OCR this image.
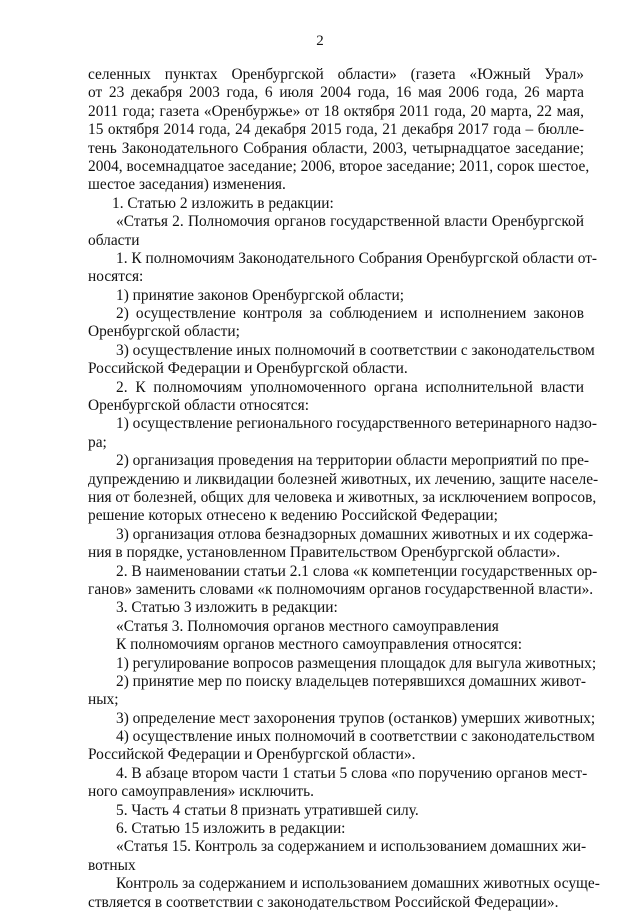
2
селенных пунктах Оренбургской области» (газета «Южный Урал»
от 23 декабря 2003 года, 6 июля 2004 года, 16 мая 2006 года, 26 марта
2011 года; газета «Оренбуржье» от 18 октября 2011 года, 20 марта, 22 мая,
15 октября 2014 года, 24 декабря 2015 года, 21 декабря 2017 года – бюлле-
тень Законодательного Собрания области, 2003, четырнадцатое заседание;
2004, восемнадцатое заседание; 2006, второе заседание; 2011, сорок шестое,
шестое заседания) изменения.
1. Статью 2 изложить в редакции:
«Статья 2. Полномочия органов государственной власти Оренбургской
области
1. К полномочиям Законодательного Собрания Оренбургской области от-
носятся:
1) принятие законов Оренбургской области;
2) осуществление контроля за соблюдением и исполнением законов
Оренбургской области;
3) осуществление иных полномочий в соответствии с законодательством
Российской Федерации и Оренбургской области.
2. К полномочиям уполномоченного органа исполнительной власти
Оренбургской области относятся:
1) осуществление регионального государственного ветеринарного надзо-
ра;
2) организация проведения на территории области мероприятий по пре-
дупреждению и ликвидации болезней животных, их лечению, защите населе-
ния от болезней, общих для человека и животных, за исключением вопросов,
решение которых отнесено к ведению Российской Федерации;
3) организация отлова безнадзорных домашних животных и их содержа-
ния в порядке, установленном Правительством Оренбургской области».
2. В наименовании статьи 2.1 слова «к компетенции государственных ор-
ганов» заменить словами «к полномочиям органов государственной власти».
3. Статью 3 изложить в редакции:
«Статья 3. Полномочия органов местного самоуправления
К полномочиям органов местного самоуправления относятся:
1) регулирование вопросов размещения площадок для выгула животных;
2) принятие мер по поиску владельцев потерявшихся домашних живот-
ных;
3) определение мест захоронения трупов (останков) умерших животных;
4) осуществление иных полномочий в соответствии с законодательством
Российской Федерации и Оренбургской области».
4. В абзаце втором части 1 статьи 5 слова «по поручению органов мест-
ного самоуправления» исключить.
5. Часть 4 статьи 8 признать утратившей силу.
6. Статью 15 изложить в редакции:
«Статья 15. Контроль за содержанием и использованием домашних жи-
вотных
Контроль за содержанием и использованием домашних животных осуще-
ствляется в соответствии с законодательством Российской Федерации».
